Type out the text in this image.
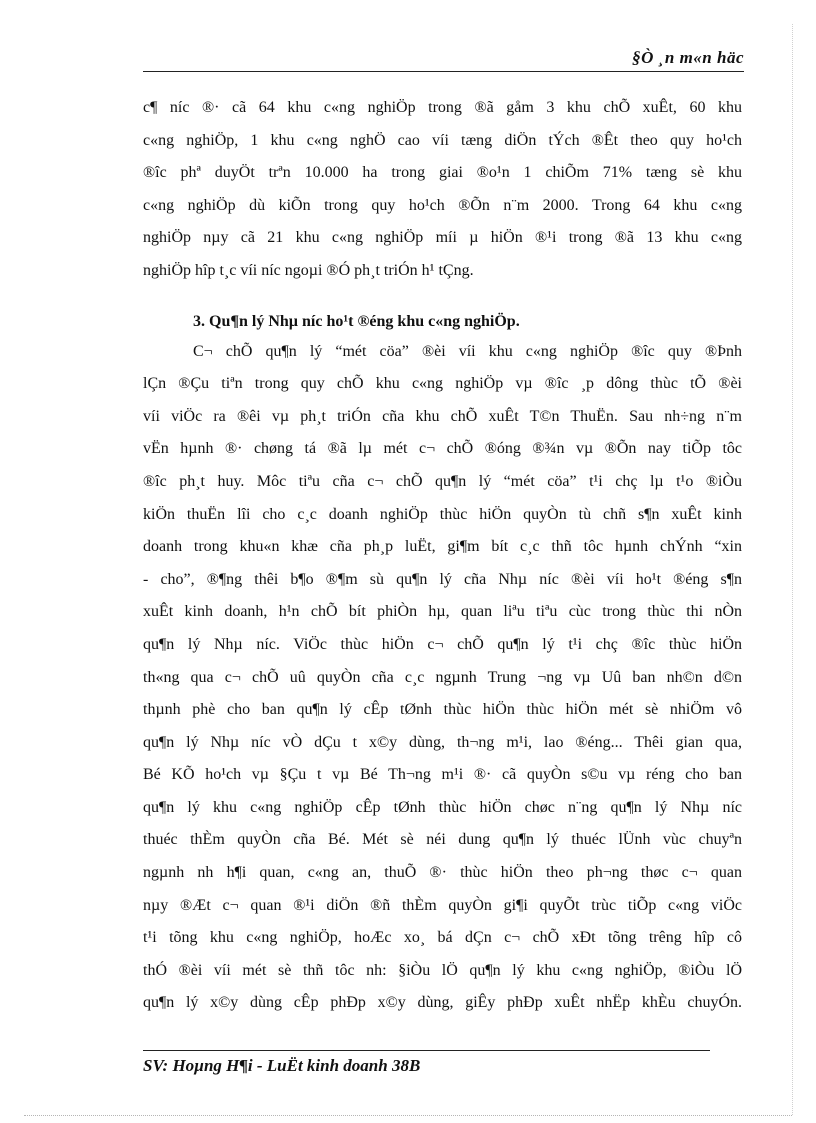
§Ò ¸n m«n häc
c¶ níc ®· cã 64 khu c«ng nghiÖp trong ®ã gåm 3 khu chÕ xuÊt, 60 khu
c«ng nghiÖp, 1 khu c«ng nghÖ cao víi tæng diÖn tÝch ®Êt theo quy ho¹ch
®îc phª duyÖt trªn 10.000 ha trong giai ®o¹n 1 chiÕm 71% tæng sè khu
c«ng nghiÖp dù kiÕn trong quy ho¹ch ®Õn n¨m 2000. Trong 64 khu c«ng
nghiÖp nµy cã 21 khu c«ng nghiÖp míi µ hiÖn ®¹i trong ®ã 13 khu c«ng
nghiÖp hîp t¸c víi níc ngoµi ®Ó ph¸t triÓn h¹ tÇng.
3. Qu¶n lý Nhµ níc ho¹t ®éng khu c«ng nghiÖp.
C¬ chÕ qu¶n lý “mét cöa” ®èi víi khu c«ng nghiÖp ®îc quy ®Þnh
lÇn ®Çu tiªn trong quy chÕ khu c«ng nghiÖp vµ ®îc ¸p dông thùc tÕ ®èi
víi viÖc ra ®êi vµ ph¸t triÓn cña khu chÕ xuÊt T©n ThuËn. Sau nh÷ng n¨m
vËn hµnh ®· chøng tá ®ã lµ mét c¬ chÕ ®óng ®¾n vµ ®Õn nay tiÕp tôc
®îc ph¸t huy. Môc tiªu cña c¬ chÕ qu¶n lý “mét cöa” t¹i chç lµ t¹o ®iÒu
kiÖn thuËn lîi cho c¸c doanh nghiÖp thùc hiÖn quyÒn tù chñ s¶n xuÊt kinh
doanh trong khu«n khæ cña ph¸p luËt, gi¶m bít c¸c thñ tôc hµnh chÝnh “xin
- cho”, ®¶ng thêi b¶o ®¶m sù qu¶n lý cña Nhµ níc ®èi víi ho¹t ®éng s¶n
xuÊt kinh doanh, h¹n chÕ bít phiÒn hµ, quan liªu tiªu cùc trong thùc thi nÒn
qu¶n lý Nhµ níc. ViÖc thùc hiÖn c¬ chÕ qu¶n lý t¹i chç ®îc thùc hiÖn
th«ng qua c¬ chÕ uû quyÒn cña c¸c ngµnh Trung ¬ng vµ Uû ban nh©n d©n
thµnh phè cho ban qu¶n lý cÊp tØnh thùc hiÖn thùc hiÖn mét sè nhiÖm vô
qu¶n lý Nhµ níc vÒ dÇu t x©y dùng, th¬ng m¹i, lao ®éng... Thêi gian qua,
Bé KÕ ho¹ch vµ §Çu t vµ Bé Th¬ng m¹i ®· cã quyÒn s©u vµ réng cho ban
qu¶n lý khu c«ng nghiÖp cÊp tØnh thùc hiÖn chøc n¨ng qu¶n lý Nhµ níc
thuéc thÈm quyÒn cña Bé. Mét sè néi dung qu¶n lý thuéc lÜnh vùc chuyªn
ngµnh nh h¶i quan, c«ng an, thuÕ ®· thùc hiÖn theo ph¬ng thøc c¬ quan
nµy ®Æt c¬ quan ®¹i diÖn ®ñ thÈm quyÒn gi¶i quyÕt trùc tiÕp c«ng viÖc
t¹i tõng khu c«ng nghiÖp, hoÆc xo¸ bá dÇn c¬ chÕ xÐt tõng trêng hîp cô
thÓ ®èi víi mét sè thñ tôc nh: §iÒu lÖ qu¶n lý khu c«ng nghiÖp, ®iÒu lÖ
qu¶n lý x©y dùng cÊp phÐp x©y dùng, giÊy phÐp xuÊt nhËp khÈu chuyÓn.
SV: Hoµng H¶i - LuËt kinh doanh 38B
